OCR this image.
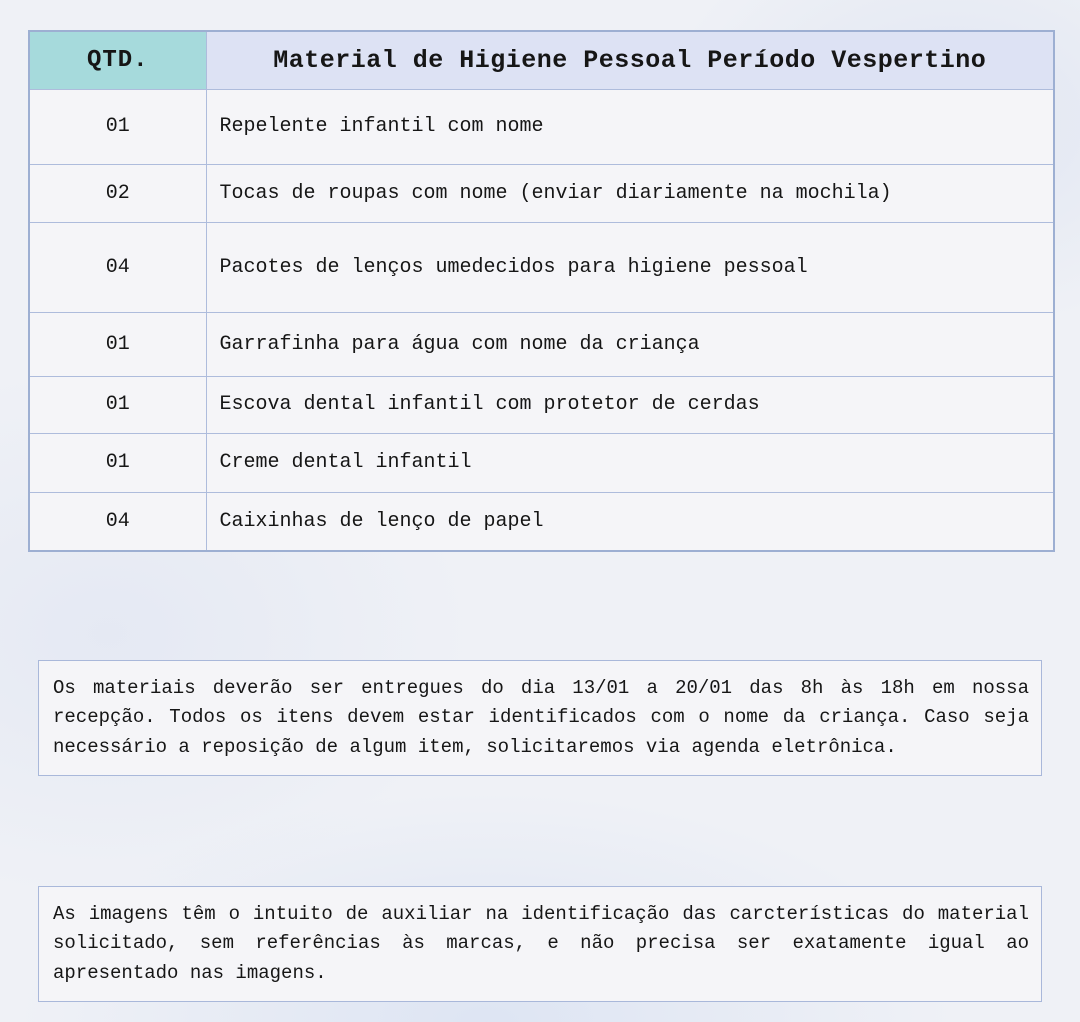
QTD.	Material de Higiene Pessoal Período Vespertino
01	Repelente infantil com nome
02	Tocas de roupas com nome (enviar diariamente na mochila)
04	Pacotes de lenços umedecidos para higiene pessoal
01	Garrafinha para água com nome da criança
01	Escova dental infantil com protetor de cerdas
01	Creme dental infantil
04	Caixinhas de lenço de papel
Os materiais deverão ser entregues do dia 13/01 a 20/01 das 8h às 18h em nossa recepção. Todos os itens devem estar identificados com o nome da criança. Caso seja necessário a reposição de algum item, solicitaremos via agenda eletrônica.
As imagens têm o intuito de auxiliar na identificação das carcterísticas do material solicitado, sem referências às marcas, e não precisa ser exatamente igual ao apresentado nas imagens.
